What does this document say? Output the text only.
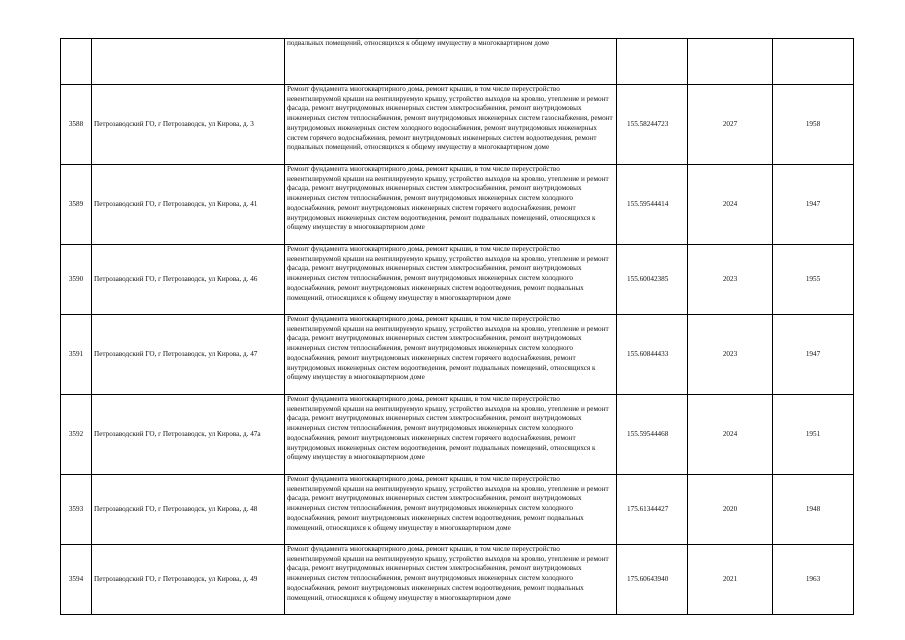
		подвальных помещений, относящихся к общему имуществу в многоквартирном доме			
3588	Петрозаводский ГО, г Петрозаводск, ул Кирова, д. 3	Ремонт фундамента многоквартирного дома, ремонт крыши, в том числе переустройство невентилируемой крыши на вентилируемую крышу, устройство выходов на кровлю, утепление и ремонт фасада, ремонт внутридомовых инженерных систем электроснабжения, ремонт внутридомовых инженерных систем теплоснабжения, ремонт внутридомовых инженерных систем газоснабжения, ремонт внутридомовых инженерных систем холодного водоснабжения, ремонт внутридомовых инженерных систем горячего водоснабжения, ремонт внутридомовых инженерных систем водоотведения, ремонт подвальных помещений, относящихся к общему имуществу в многоквартирном доме	155.58244723	2027	1958
3589	Петрозаводский ГО, г Петрозаводск, ул Кирова, д. 41	Ремонт фундамента многоквартирного дома, ремонт крыши, в том числе переустройство невентилируемой крыши на вентилируемую крышу, устройство выходов на кровлю, утепление и ремонт фасада, ремонт внутридомовых инженерных систем электроснабжения, ремонт внутридомовых инженерных систем теплоснабжения, ремонт внутридомовых инженерных систем холодного водоснабжения, ремонт внутридомовых инженерных систем горячего водоснабжения, ремонт внутридомовых инженерных систем водоотведения, ремонт подвальных помещений, относящихся к общему имуществу в многоквартирном доме	155.59544414	2024	1947
3590	Петрозаводский ГО, г Петрозаводск, ул Кирова, д. 46	Ремонт фундамента многоквартирного дома, ремонт крыши, в том числе переустройство невентилируемой крыши на вентилируемую крышу, устройство выходов на кровлю, утепление и ремонт фасада, ремонт внутридомовых инженерных систем электроснабжения, ремонт внутридомовых инженерных систем теплоснабжения, ремонт внутридомовых инженерных систем холодного водоснабжения, ремонт внутридомовых инженерных систем водоотведения, ремонт подвальных помещений, относящихся к общему имуществу в многоквартирном доме	155.60042385	2023	1955
3591	Петрозаводский ГО, г Петрозаводск, ул Кирова, д. 47	Ремонт фундамента многоквартирного дома, ремонт крыши, в том числе переустройство невентилируемой крыши на вентилируемую крышу, устройство выходов на кровлю, утепление и ремонт фасада, ремонт внутридомовых инженерных систем электроснабжения, ремонт внутридомовых инженерных систем теплоснабжения, ремонт внутридомовых инженерных систем холодного водоснабжения, ремонт внутридомовых инженерных систем горячего водоснабжения, ремонт внутридомовых инженерных систем водоотведения, ремонт подвальных помещений, относящихся к общему имуществу в многоквартирном доме	155.60844433	2023	1947
3592	Петрозаводский ГО, г Петрозаводск, ул Кирова, д. 47а	Ремонт фундамента многоквартирного дома, ремонт крыши, в том числе переустройство невентилируемой крыши на вентилируемую крышу, устройство выходов на кровлю, утепление и ремонт фасада, ремонт внутридомовых инженерных систем электроснабжения, ремонт внутридомовых инженерных систем теплоснабжения, ремонт внутридомовых инженерных систем холодного водоснабжения, ремонт внутридомовых инженерных систем горячего водоснабжения, ремонт внутридомовых инженерных систем водоотведения, ремонт подвальных помещений, относящихся к общему имуществу в многоквартирном доме	155.59544468	2024	1951
3593	Петрозаводский ГО, г Петрозаводск, ул Кирова, д. 48	Ремонт фундамента многоквартирного дома, ремонт крыши, в том числе переустройство невентилируемой крыши на вентилируемую крышу, устройство выходов на кровлю, утепление и ремонт фасада, ремонт внутридомовых инженерных систем электроснабжения, ремонт внутридомовых инженерных систем теплоснабжения, ремонт внутридомовых инженерных систем холодного водоснабжения, ремонт внутридомовых инженерных систем водоотведения, ремонт подвальных помещений, относящихся к общему имуществу в многоквартирном доме	175.61344427	2020	1948
3594	Петрозаводский ГО, г Петрозаводск, ул Кирова, д. 49	Ремонт фундамента многоквартирного дома, ремонт крыши, в том числе переустройство невентилируемой крыши на вентилируемую крышу, устройство выходов на кровлю, утепление и ремонт фасада, ремонт внутридомовых инженерных систем электроснабжения, ремонт внутридомовых инженерных систем теплоснабжения, ремонт внутридомовых инженерных систем холодного водоснабжения, ремонт внутридомовых инженерных систем водоотведения, ремонт подвальных помещений, относящихся к общему имуществу в многоквартирном доме	175.60643940	2021	1963
